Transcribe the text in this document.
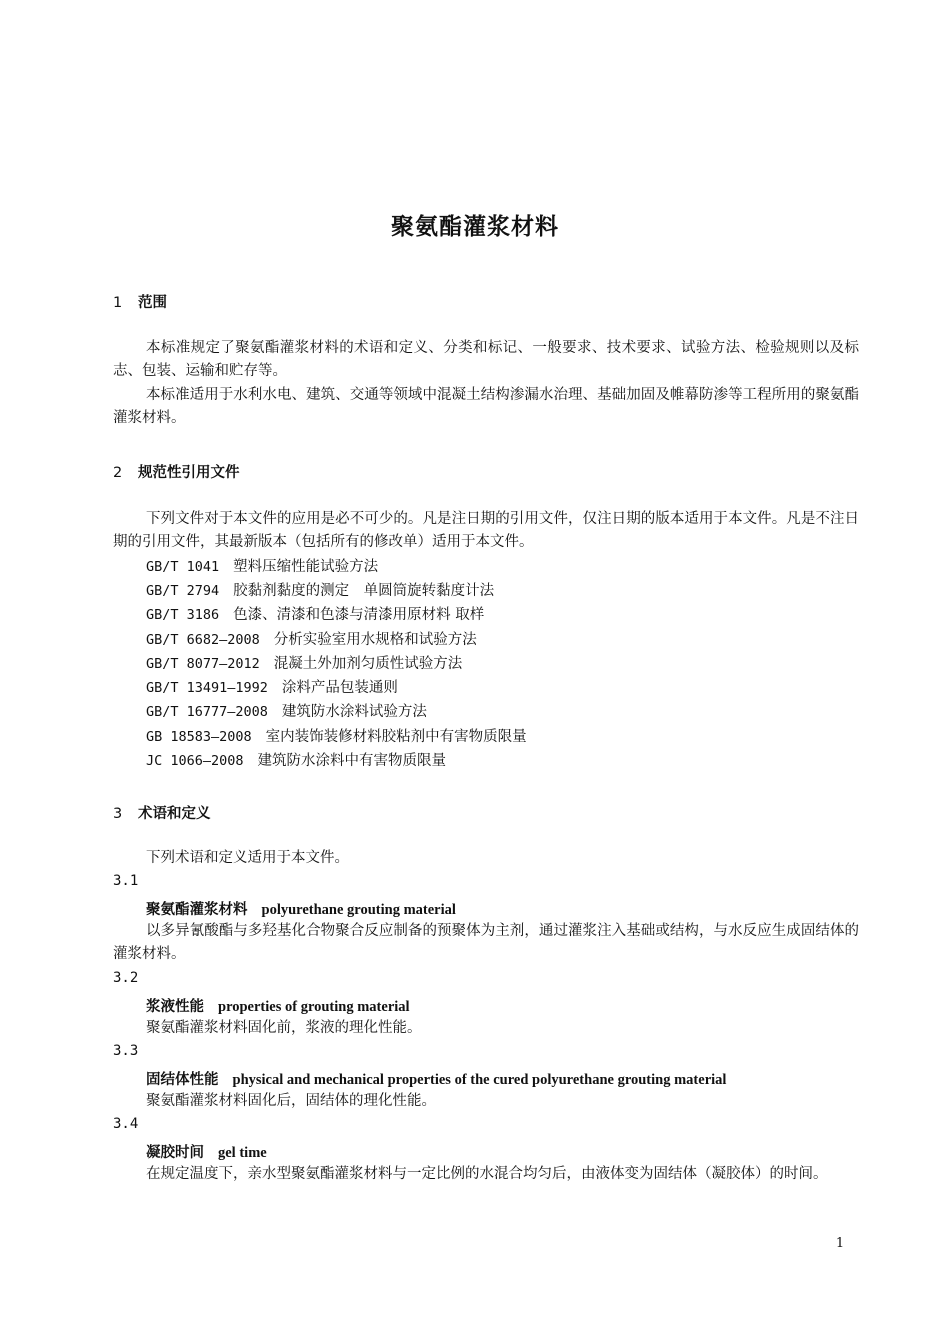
聚氨酯灌浆材料
1 范围
本标准规定了聚氨酯灌浆材料的术语和定义、分类和标记、一般要求、技术要求、试验方法、检验规则以及标志、包装、运输和贮存等。
本标准适用于水利水电、建筑、交通等领域中混凝土结构渗漏水治理、基础加固及帷幕防渗等工程所用的聚氨酯灌浆材料。
2 规范性引用文件
下列文件对于本文件的应用是必不可少的。凡是注日期的引用文件，仅注日期的版本适用于本文件。凡是不注日期的引用文件，其最新版本（包括所有的修改单）适用于本文件。
GB/T 1041 塑料压缩性能试验方法
GB/T 2794 胶黏剂黏度的测定　单圆筒旋转黏度计法
GB/T 3186 色漆、清漆和色漆与清漆用原材料 取样
GB/T 6682—2008 分析实验室用水规格和试验方法
GB/T 8077—2012 混凝土外加剂匀质性试验方法
GB/T 13491—1992 涂料产品包装通则
GB/T 16777—2008 建筑防水涂料试验方法
GB 18583—2008 室内装饰装修材料胶粘剂中有害物质限量
JC 1066—2008 建筑防水涂料中有害物质限量
3 术语和定义
下列术语和定义适用于本文件。
3.1
聚氨酯灌浆材料 polyurethane grouting material
以多异氰酸酯与多羟基化合物聚合反应制备的预聚体为主剂，通过灌浆注入基础或结构，与水反应生成固结体的灌浆材料。
3.2
浆液性能 properties of grouting material
聚氨酯灌浆材料固化前，浆液的理化性能。
3.3
固结体性能 physical and mechanical properties of the cured polyurethane grouting material
聚氨酯灌浆材料固化后，固结体的理化性能。
3.4
凝胶时间 gel time
在规定温度下，亲水型聚氨酯灌浆材料与一定比例的水混合均匀后，由液体变为固结体（凝胶体）的时间。
1
